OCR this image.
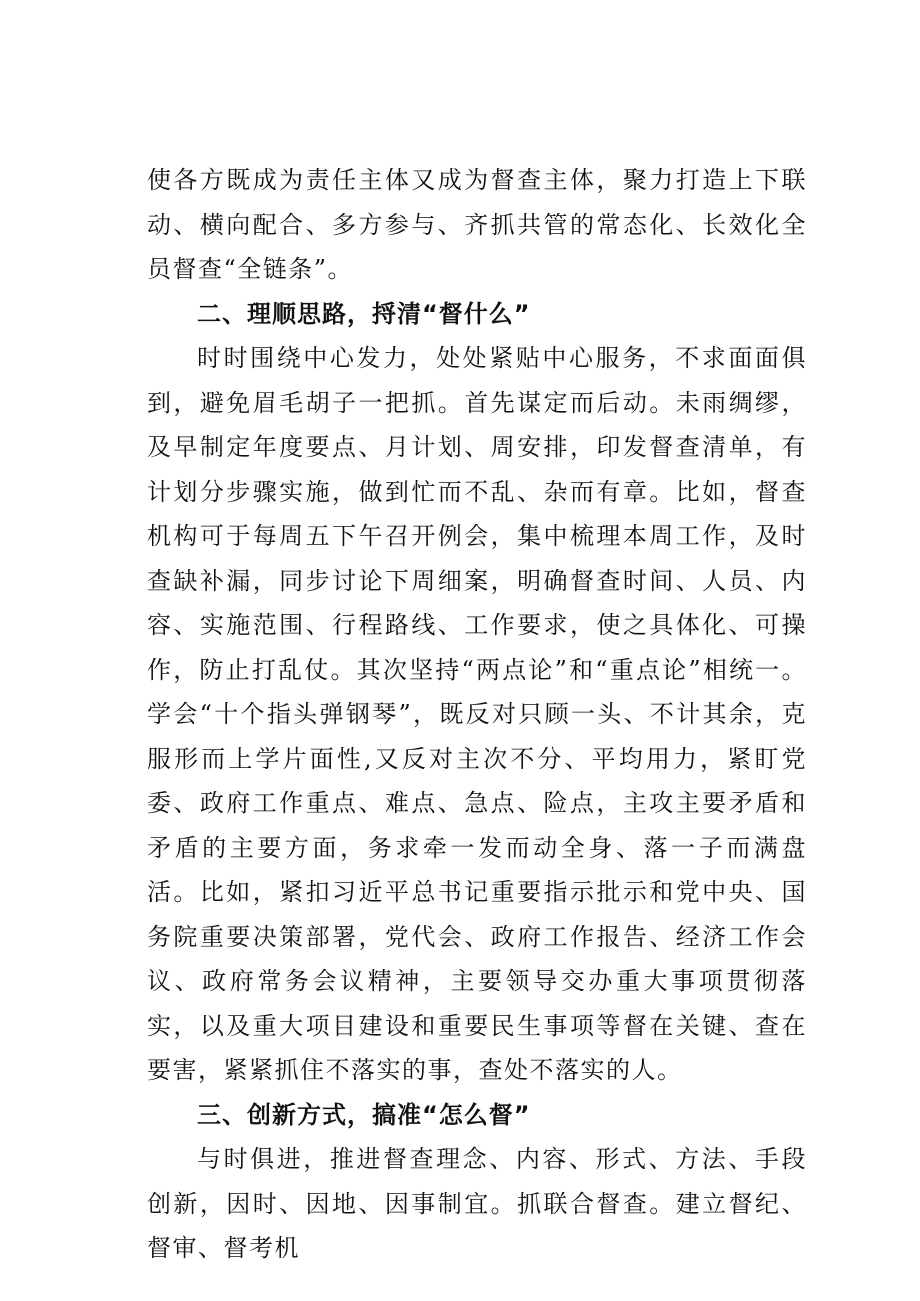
使各方既成为责任主体又成为督查主体，聚力打造上下联动、横向配合、多方参与、齐抓共管的常态化、长效化全员督查“全链条”。

二、理顺思路，捋清“督什么”

时时围绕中心发力，处处紧贴中心服务，不求面面俱到，避免眉毛胡子一把抓。首先谋定而后动。未雨绸缪，及早制定年度要点、月计划、周安排，印发督查清单，有计划分步骤实施，做到忙而不乱、杂而有章。比如，督查机构可于每周五下午召开例会，集中梳理本周工作，及时查缺补漏，同步讨论下周细案，明确督查时间、人员、内容、实施范围、行程路线、工作要求，使之具体化、可操作，防止打乱仗。其次坚持“两点论”和“重点论”相统一。学会“十个指头弹钢琴”，既反对只顾一头、不计其余，克服形而上学片面性,又反对主次不分、平均用力，紧盯党委、政府工作重点、难点、急点、险点，主攻主要矛盾和矛盾的主要方面，务求牵一发而动全身、落一子而满盘活。比如，紧扣习近平总书记重要指示批示和党中央、国务院重要决策部署，党代会、政府工作报告、经济工作会议、政府常务会议精神，主要领导交办重大事项贯彻落实，以及重大项目建设和重要民生事项等督在关键、查在要害，紧紧抓住不落实的事，查处不落实的人。

三、创新方式，搞准“怎么督”

与时俱进，推进督查理念、内容、形式、方法、手段创新，因时、因地、因事制宜。抓联合督查。建立督纪、督审、督考机
